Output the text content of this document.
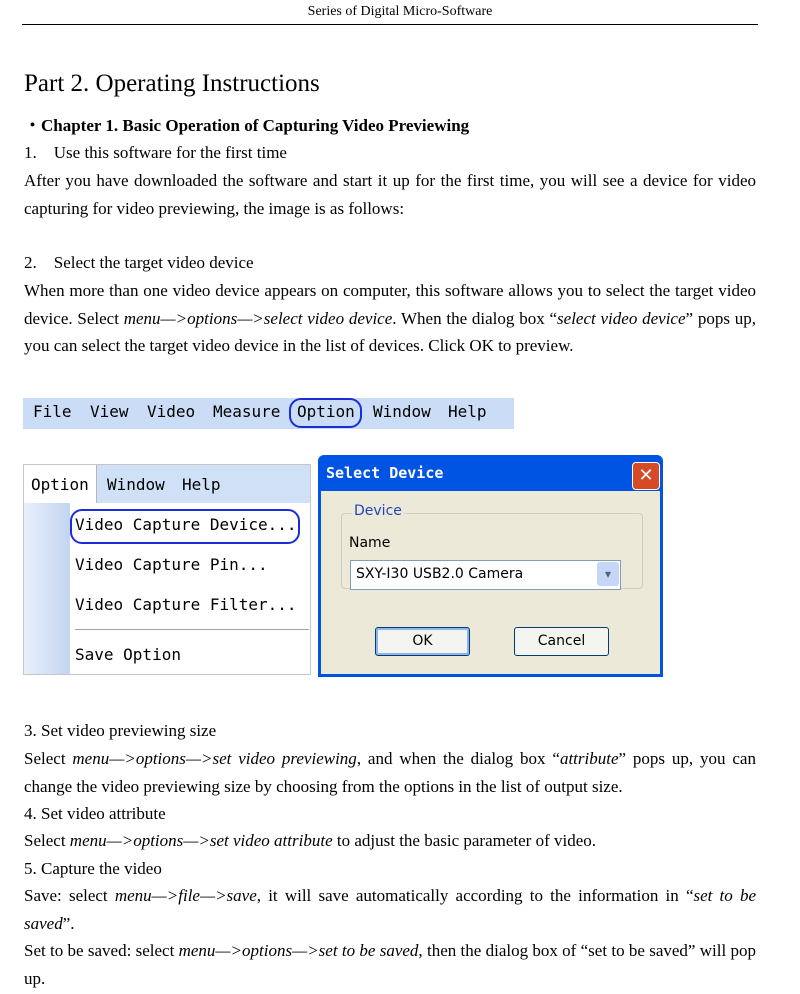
Series of Digital Micro-Software
Part 2. Operating Instructions
・Chapter 1. Basic Operation of Capturing Video Previewing
1.    Use this software for the first time
After you have downloaded the software and start it up for the first time, you will see a device for video capturing for video previewing, the image is as follows:
2.    Select the target video device
When more than one video device appears on computer, this software allows you to select the target video device. Select menu—>options—>select video device. When the dialog box “select video device” pops up, you can select the target video device in the list of devices. Click OK to preview.
File View Video Measure Option Window Help
Option Window Help
Video Capture Device...
Video Capture Pin...
Video Capture Filter...
Save Option
Select Device	✕
Device
Name
SXY-I30 USB2.0 Camera	▾
OK	Cancel
3. Set video previewing size
Select menu—>options—>set video previewing, and when the dialog box “attribute” pops up, you can change the video previewing size by choosing from the options in the list of output size.
4. Set video attribute
Select menu—>options—>set video attribute to adjust the basic parameter of video.
5. Capture the video
Save: select menu—>file—>save, it will save automatically according to the information in “set to be saved”.
Set to be saved: select menu—>options—>set to be saved, then the dialog box of “set to be saved” will pop up.
